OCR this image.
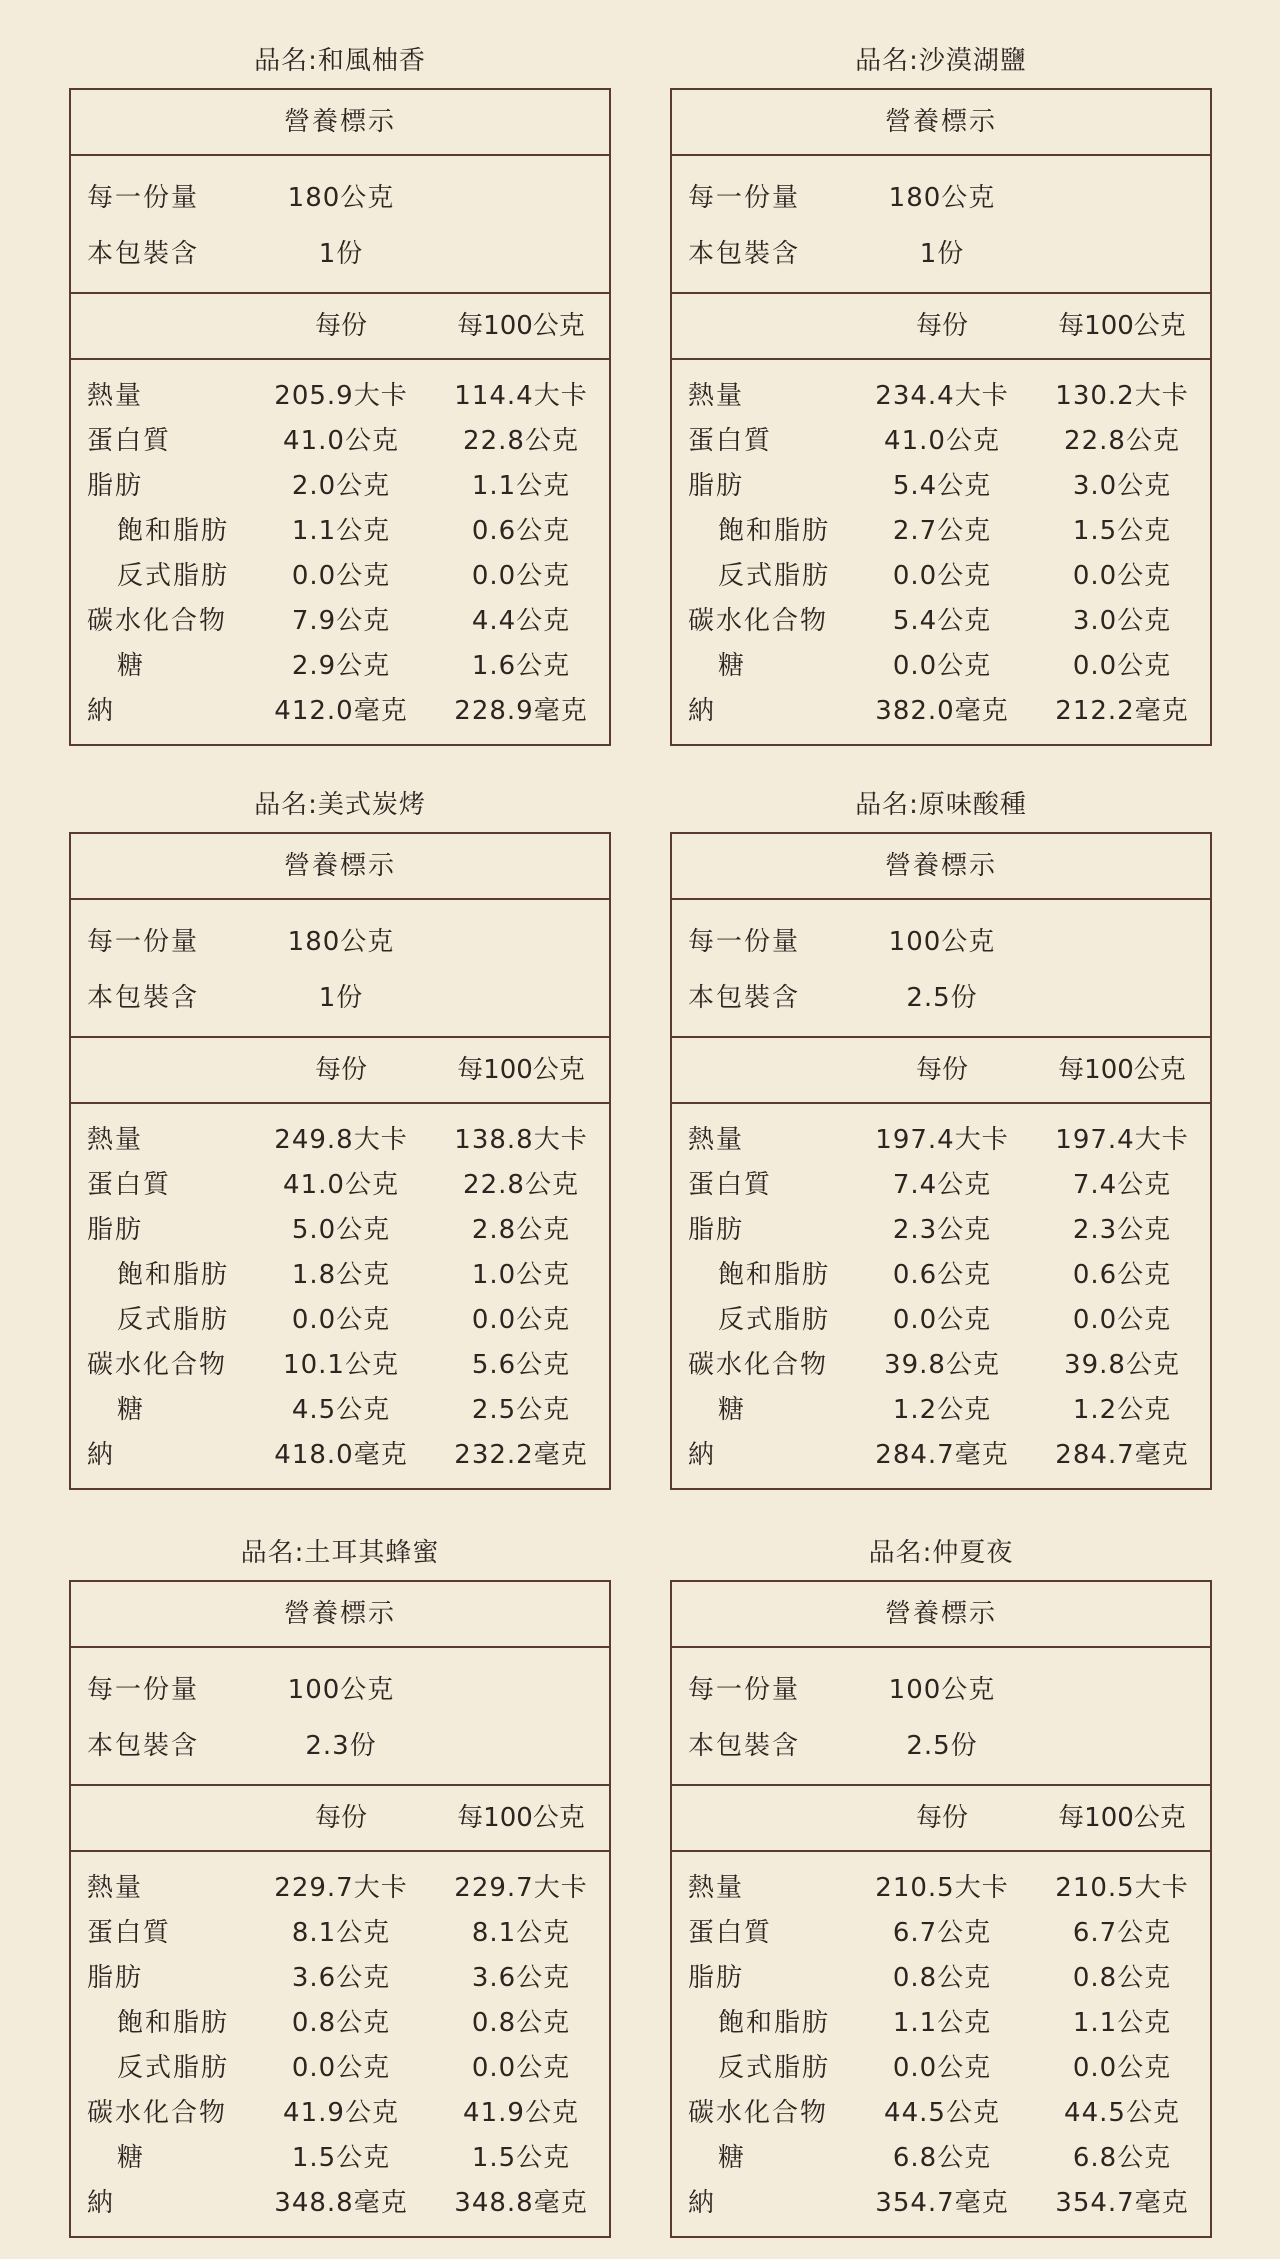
品名:和風柚香
營養標示
每一份量	180公克
本包裝含	1份
每份	每100公克
熱量	205.9大卡	114.4大卡
蛋白質	41.0公克	22.8公克
脂肪	2.0公克	1.1公克
飽和脂肪	1.1公克	0.6公克
反式脂肪	0.0公克	0.0公克
碳水化合物	7.9公克	4.4公克
糖	2.9公克	1.6公克
納	412.0毫克	228.9毫克
品名:沙漠湖鹽
營養標示
每一份量	180公克
本包裝含	1份
每份	每100公克
熱量	234.4大卡	130.2大卡
蛋白質	41.0公克	22.8公克
脂肪	5.4公克	3.0公克
飽和脂肪	2.7公克	1.5公克
反式脂肪	0.0公克	0.0公克
碳水化合物	5.4公克	3.0公克
糖	0.0公克	0.0公克
納	382.0毫克	212.2毫克
品名:美式炭烤
營養標示
每一份量	180公克
本包裝含	1份
每份	每100公克
熱量	249.8大卡	138.8大卡
蛋白質	41.0公克	22.8公克
脂肪	5.0公克	2.8公克
飽和脂肪	1.8公克	1.0公克
反式脂肪	0.0公克	0.0公克
碳水化合物	10.1公克	5.6公克
糖	4.5公克	2.5公克
納	418.0毫克	232.2毫克
品名:原味酸種
營養標示
每一份量	100公克
本包裝含	2.5份
每份	每100公克
熱量	197.4大卡	197.4大卡
蛋白質	7.4公克	7.4公克
脂肪	2.3公克	2.3公克
飽和脂肪	0.6公克	0.6公克
反式脂肪	0.0公克	0.0公克
碳水化合物	39.8公克	39.8公克
糖	1.2公克	1.2公克
納	284.7毫克	284.7毫克
品名:土耳其蜂蜜
營養標示
每一份量	100公克
本包裝含	2.3份
每份	每100公克
熱量	229.7大卡	229.7大卡
蛋白質	8.1公克	8.1公克
脂肪	3.6公克	3.6公克
飽和脂肪	0.8公克	0.8公克
反式脂肪	0.0公克	0.0公克
碳水化合物	41.9公克	41.9公克
糖	1.5公克	1.5公克
納	348.8毫克	348.8毫克
品名:仲夏夜
營養標示
每一份量	100公克
本包裝含	2.5份
每份	每100公克
熱量	210.5大卡	210.5大卡
蛋白質	6.7公克	6.7公克
脂肪	0.8公克	0.8公克
飽和脂肪	1.1公克	1.1公克
反式脂肪	0.0公克	0.0公克
碳水化合物	44.5公克	44.5公克
糖	6.8公克	6.8公克
納	354.7毫克	354.7毫克
